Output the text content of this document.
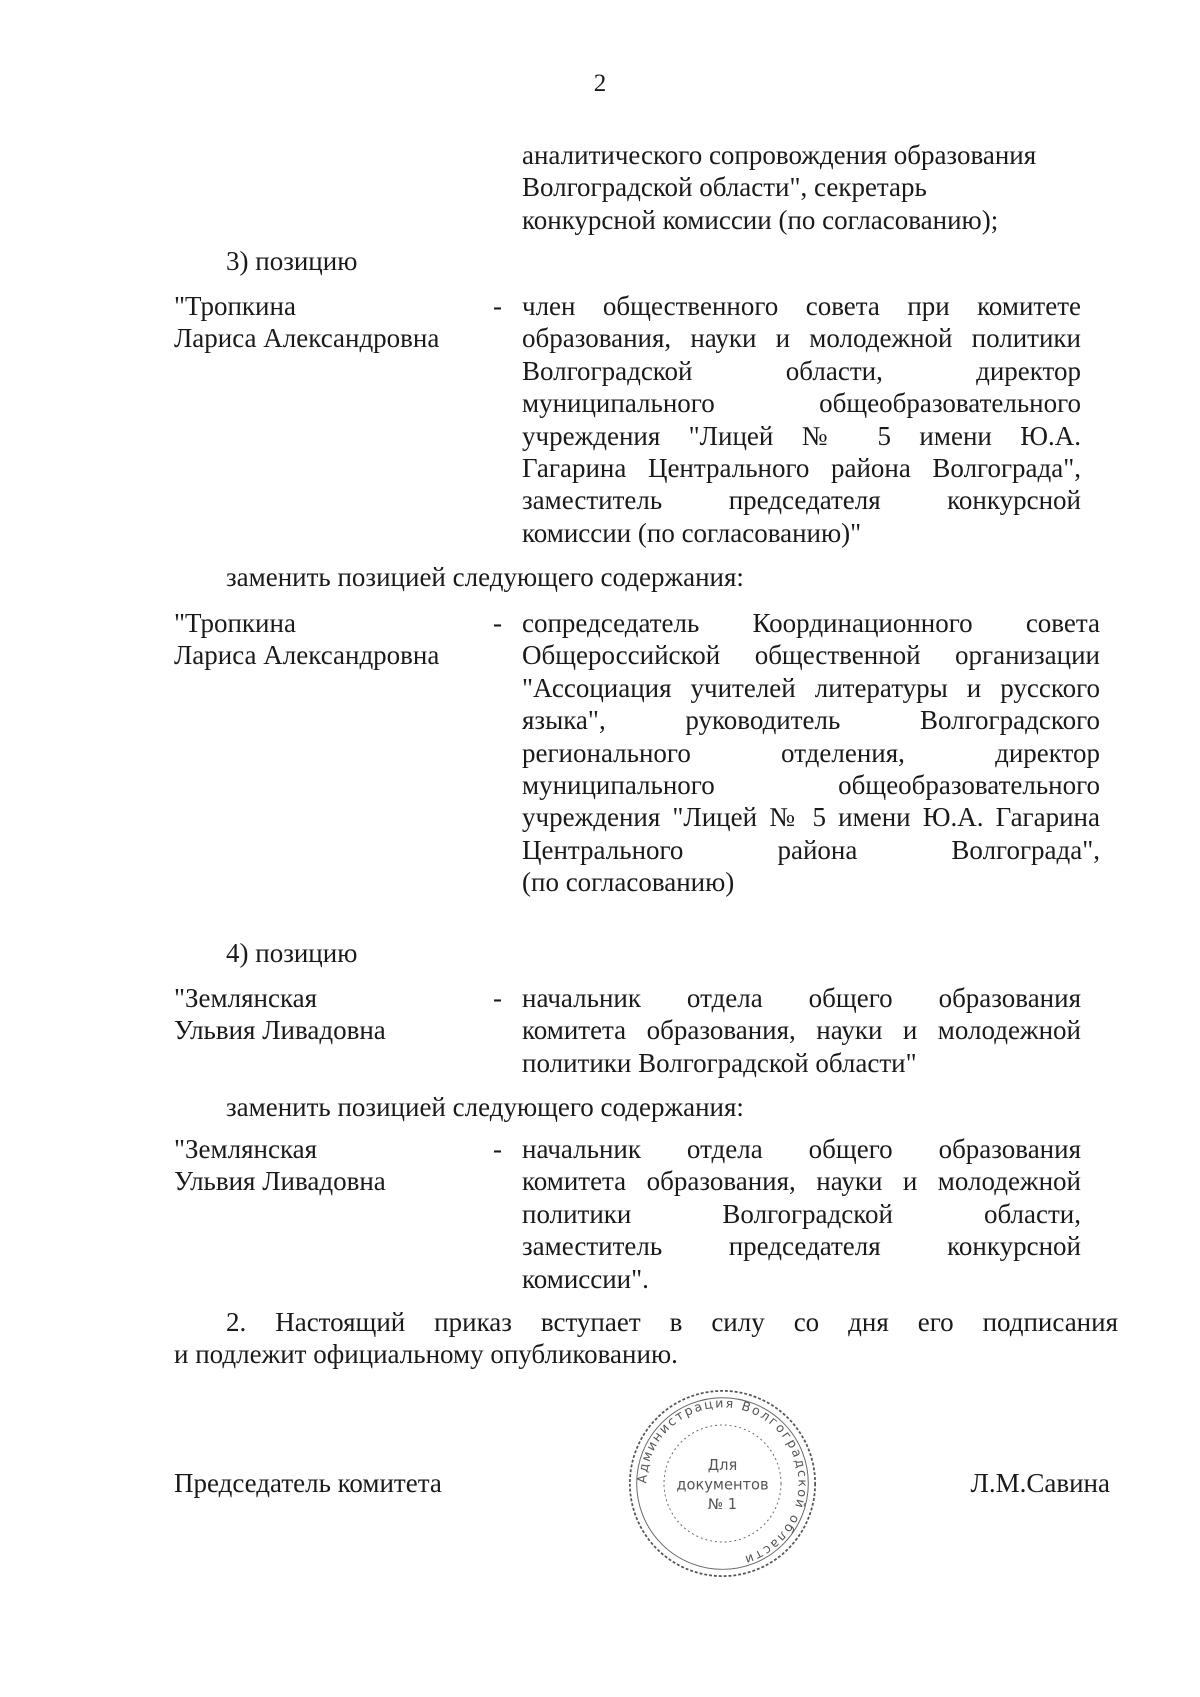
2
аналитического сопровождения образования
Волгоградской области", секретарь
конкурсной комиссии (по согласованию);
3) позицию
"Тропкина
Лариса Александровна
- член общественного совета при комитете
образования, науки и молодежной политики
Волгоградской области, директор
муниципального общеобразовательного
учреждения "Лицей № 5 имени Ю.А.
Гагарина Центрального района Волгограда",
заместитель председателя конкурсной
комиссии (по согласованию)"
заменить позицией следующего содержания:
"Тропкина
Лариса Александровна
- сопредседатель Координационного совета
Общероссийской общественной организации
"Ассоциация учителей литературы и русского
языка", руководитель Волгоградского
регионального отделения, директор
муниципального общеобразовательного
учреждения "Лицей № 5 имени Ю.А. Гагарина
Центрального района Волгограда",
(по согласованию)
4) позицию
"Землянская
Ульвия Ливадовна
- начальник отдела общего образования
комитета образования, науки и молодежной
политики Волгоградской области"
заменить позицией следующего содержания:
"Землянская
Ульвия Ливадовна
- начальник отдела общего образования
комитета образования, науки и молодежной
политики Волгоградской области,
заместитель председателя конкурсной
комиссии".
2. Настоящий приказ вступает в силу со дня его подписания
и подлежит официальному опубликованию.
Председатель комитета	Л.М.Савина
Администрация Волгоградской области
Для
документов
№ 1
